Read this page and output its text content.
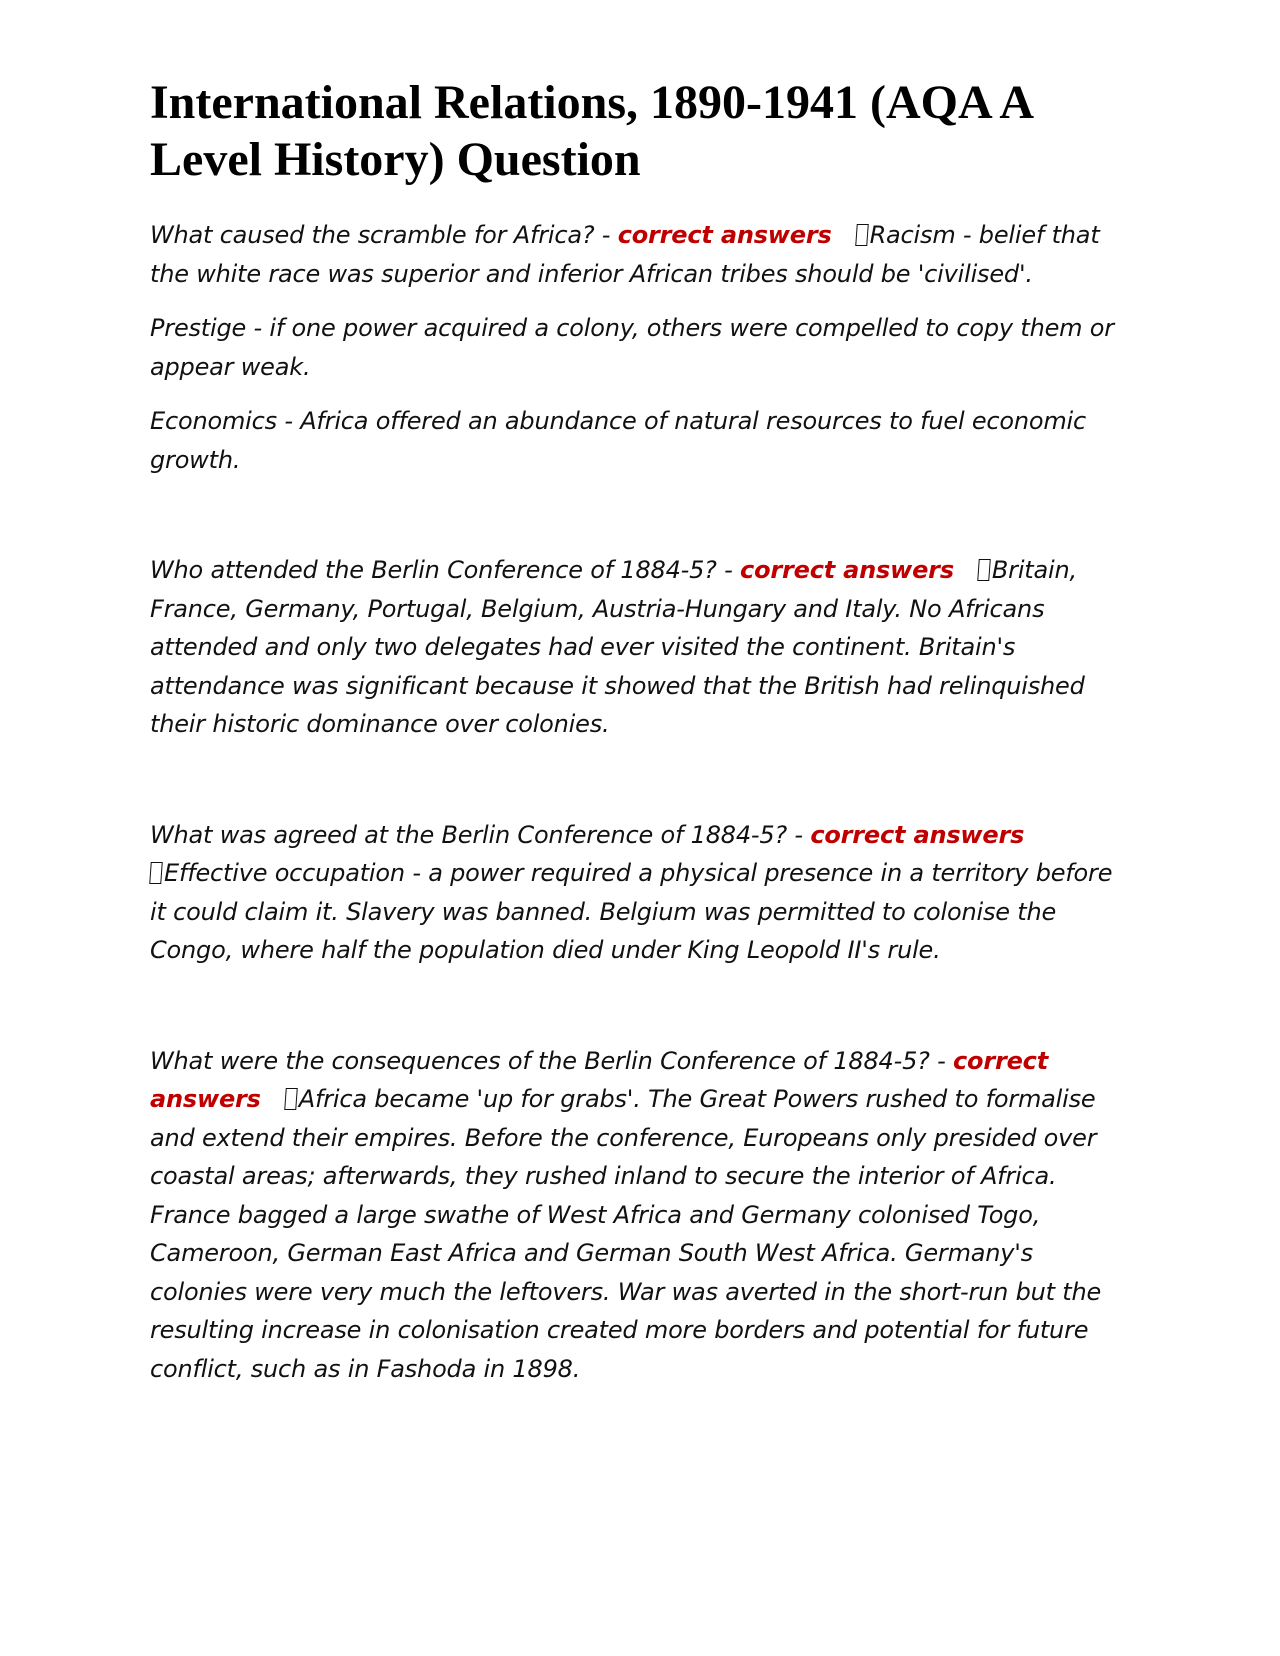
International Relations, 1890-1941 (AQA A Level History) Question

What caused the scramble for Africa? - correct answers Racism - belief that the white race was superior and inferior African tribes should be 'civilised'.

Prestige - if one power acquired a colony, others were compelled to copy them or appear weak.

Economics - Africa offered an abundance of natural resources to fuel economic growth.

Who attended the Berlin Conference of 1884-5? - correct answers Britain, France, Germany, Portugal, Belgium, Austria-Hungary and Italy. No Africans attended and only two delegates had ever visited the continent. Britain's attendance was significant because it showed that the British had relinquished their historic dominance over colonies.

What was agreed at the Berlin Conference of 1884-5? - correct answers
Effective occupation - a power required a physical presence in a territory before it could claim it. Slavery was banned. Belgium was permitted to colonise the Congo, where half the population died under King Leopold II's rule.

What were the consequences of the Berlin Conference of 1884-5? - correct answers Africa became 'up for grabs'. The Great Powers rushed to formalise and extend their empires. Before the conference, Europeans only presided over coastal areas; afterwards, they rushed inland to secure the interior of Africa. France bagged a large swathe of West Africa and Germany colonised Togo, Cameroon, German East Africa and German South West Africa. Germany's colonies were very much the leftovers. War was averted in the short-run but the resulting increase in colonisation created more borders and potential for future conflict, such as in Fashoda in 1898.
